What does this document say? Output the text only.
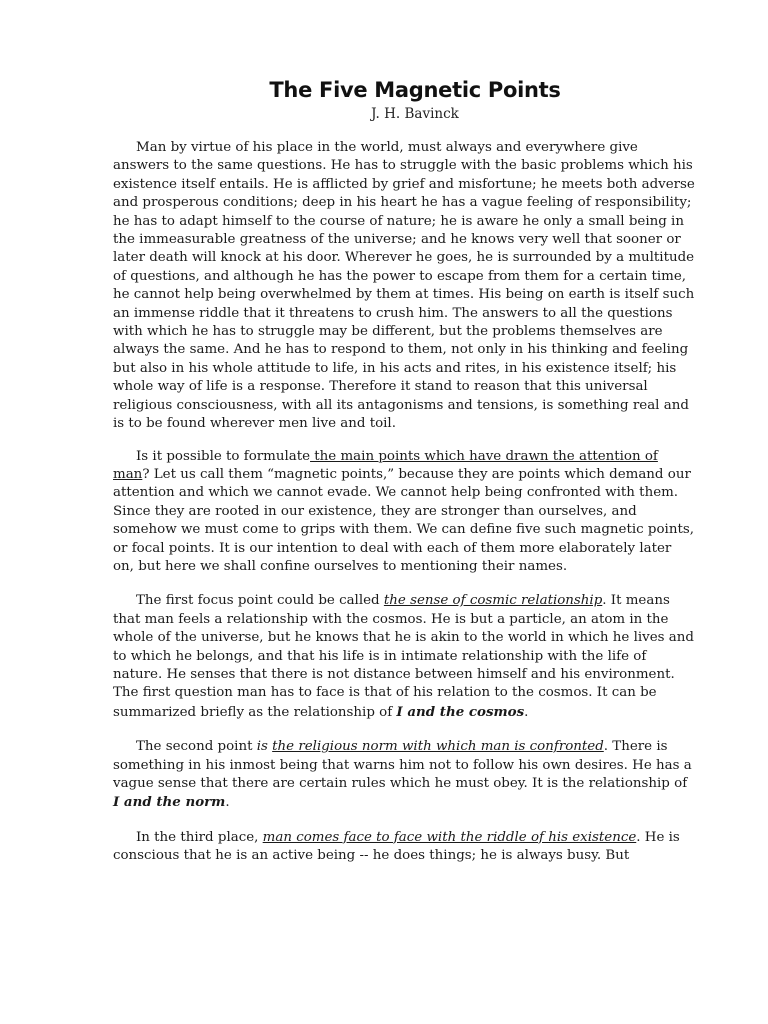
The Five Magnetic Points
J. H. Bavinck

Man by virtue of his place in the world, must always and everywhere give answers to the same questions. He has to struggle with the basic problems which his existence itself entails. He is afflicted by grief and misfortune; he meets both adverse and prosperous conditions; deep in his heart he has a vague feeling of responsibility; he has to adapt himself to the course of nature; he is aware he only a small being in the immeasurable greatness of the universe; and he knows very well that sooner or later death will knock at his door. Wherever he goes, he is surrounded by a multitude of questions, and although he has the power to escape from them for a certain time, he cannot help being overwhelmed by them at times. His being on earth is itself such an immense riddle that it threatens to crush him. The answers to all the questions with which he has to struggle may be different, but the problems themselves are always the same. And he has to respond to them, not only in his thinking and feeling but also in his whole attitude to life, in his acts and rites, in his existence itself; his whole way of life is a response. Therefore it stand to reason that this universal religious consciousness, with all its antagonisms and tensions, is something real and is to be found wherever men live and toil.

Is it possible to formulate the main points which have drawn the attention of man? Let us call them “magnetic points,” because they are points which demand our attention and which we cannot evade. We cannot help being confronted with them. Since they are rooted in our existence, they are stronger than ourselves, and somehow we must come to grips with them. We can define five such magnetic points, or focal points. It is our intention to deal with each of them more elaborately later on, but here we shall confine ourselves to mentioning their names.

The first focus point could be called the sense of cosmic relationship. It means that man feels a relationship with the cosmos. He is but a particle, an atom in the whole of the universe, but he knows that he is akin to the world in which he lives and to which he belongs, and that his life is in intimate relationship with the life of nature. He senses that there is not distance between himself and his environment. The first question man has to face is that of his relation to the cosmos. It can be summarized briefly as the relationship of I and the cosmos.

The second point is the religious norm with which man is confronted. There is something in his inmost being that warns him not to follow his own desires. He has a vague sense that there are certain rules which he must obey. It is the relationship of I and the norm.

In the third place, man comes face to face with the riddle of his existence. He is conscious that he is an active being -- he does things; he is always busy. But
